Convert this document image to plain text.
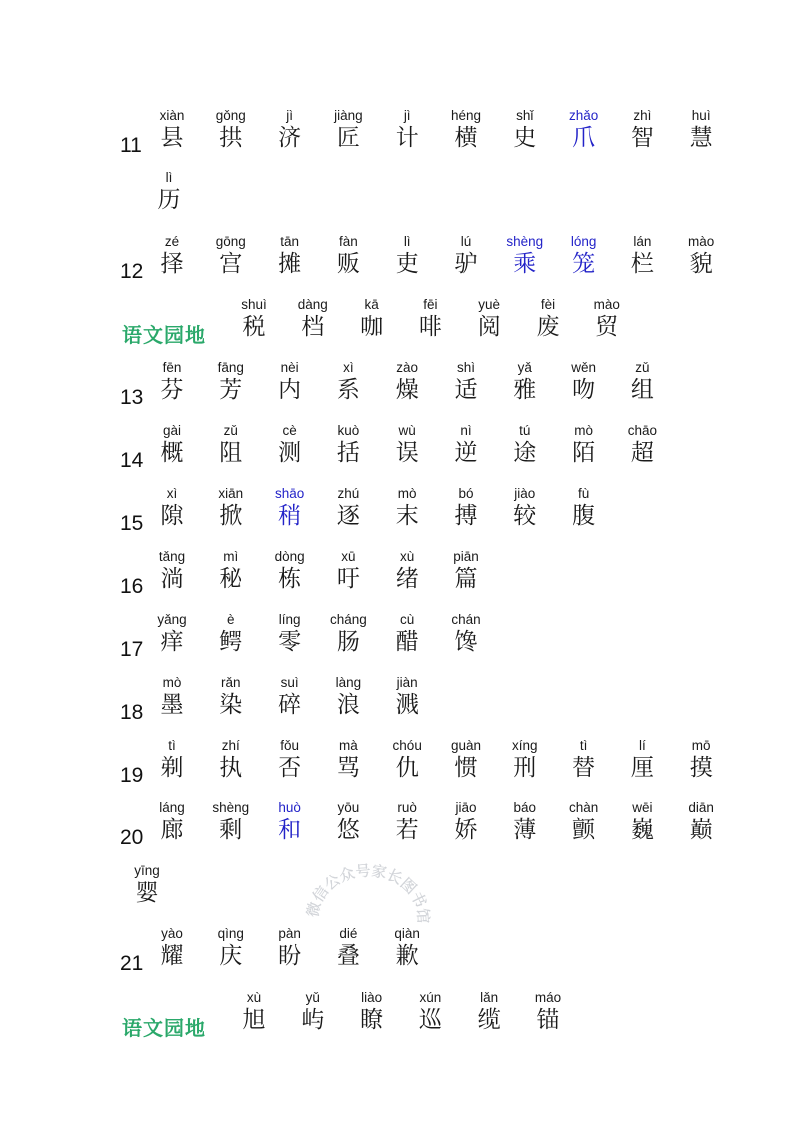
11
xiàn
县
gǒng
拱
jì
济
jiàng
匠
jì
计
héng
横
shǐ
史
zhǎo
爪
zhì
智
huì
慧
lì
历
12
zé
择
gōng
宫
tān
摊
fàn
贩
lì
吏
lú
驴
shèng
乘
lóng
笼
lán
栏
mào
貌
语文园地
shuì
税
dàng
档
kā
咖
fēi
啡
yuè
阅
fèi
废
mào
贸
13
fēn
芬
fāng
芳
nèi
内
xì
系
zào
燥
shì
适
yǎ
雅
wěn
吻
zǔ
组
14
gài
概
zǔ
阻
cè
测
kuò
括
wù
误
nì
逆
tú
途
mò
陌
chāo
超
15
xì
隙
xiān
掀
shāo
稍
zhú
逐
mò
末
bó
搏
jiào
较
fù
腹
16
tǎng
淌
mì
秘
dòng
栋
xū
吁
xù
绪
piān
篇
17
yǎng
痒
è
鳄
líng
零
cháng
肠
cù
醋
chán
馋
18
mò
墨
rǎn
染
suì
碎
làng
浪
jiàn
溅
19
tì
剃
zhí
执
fǒu
否
mà
骂
chóu
仇
guàn
惯
xíng
刑
tì
替
lí
厘
mō
摸
20
láng
廊
shèng
剩
huò
和
yōu
悠
ruò
若
jiāo
娇
báo
薄
chàn
颤
wēi
巍
diān
巅
yīng
婴
21
yào
耀
qìng
庆
pàn
盼
dié
叠
qiàn
歉
语文园地
xù
旭
yǔ
屿
liào
瞭
xún
巡
lǎn
缆
máo
锚
微信公众号家长图书馆
